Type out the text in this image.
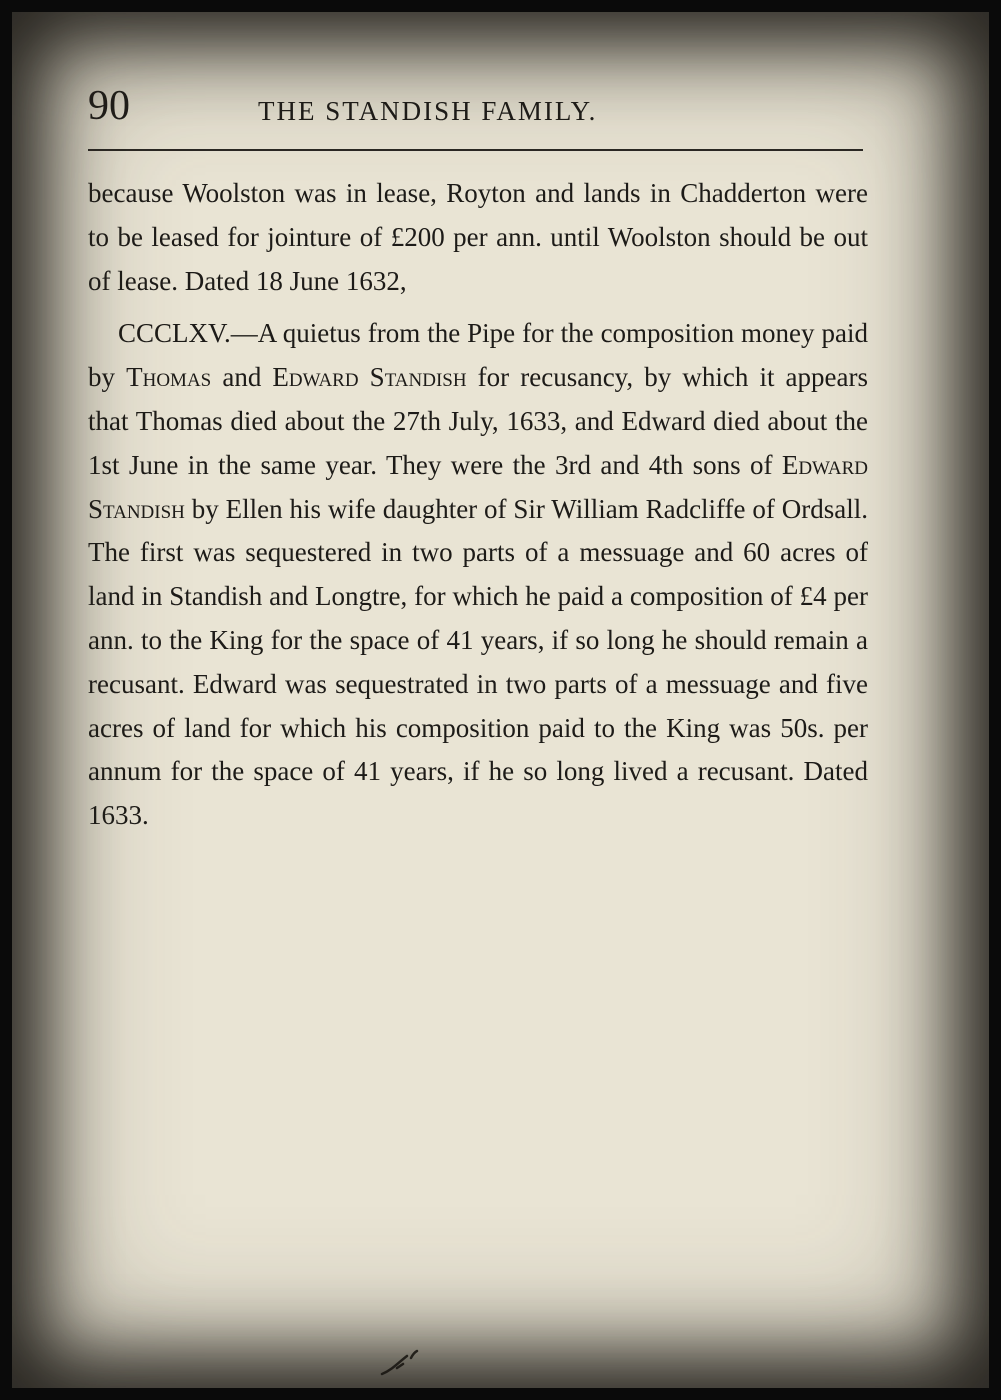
90	THE STANDISH FAMILY.

because Woolston was in lease, Royton and lands in Chadderton were to be leased for jointure of £200 per ann. until Woolston should be out of lease. Dated 18 June 1632,

CCCLXV.—A quietus from the Pipe for the composition money paid by Thomas and Edward Standish for recusancy, by which it appears that Thomas died about the 27th July, 1633, and Edward died about the 1st June in the same year. They were the 3rd and 4th sons of Edward Standish by Ellen his wife daughter of Sir William Radcliffe of Ordsall. The first was sequestered in two parts of a messuage and 60 acres of land in Standish and Longtre, for which he paid a composition of £4 per ann. to the King for the space of 41 years, if so long he should remain a recusant. Edward was sequestrated in two parts of a messuage and five acres of land for which his composition paid to the King was 50s. per annum for the space of 41 years, if he so long lived a recusant. Dated 1633.
